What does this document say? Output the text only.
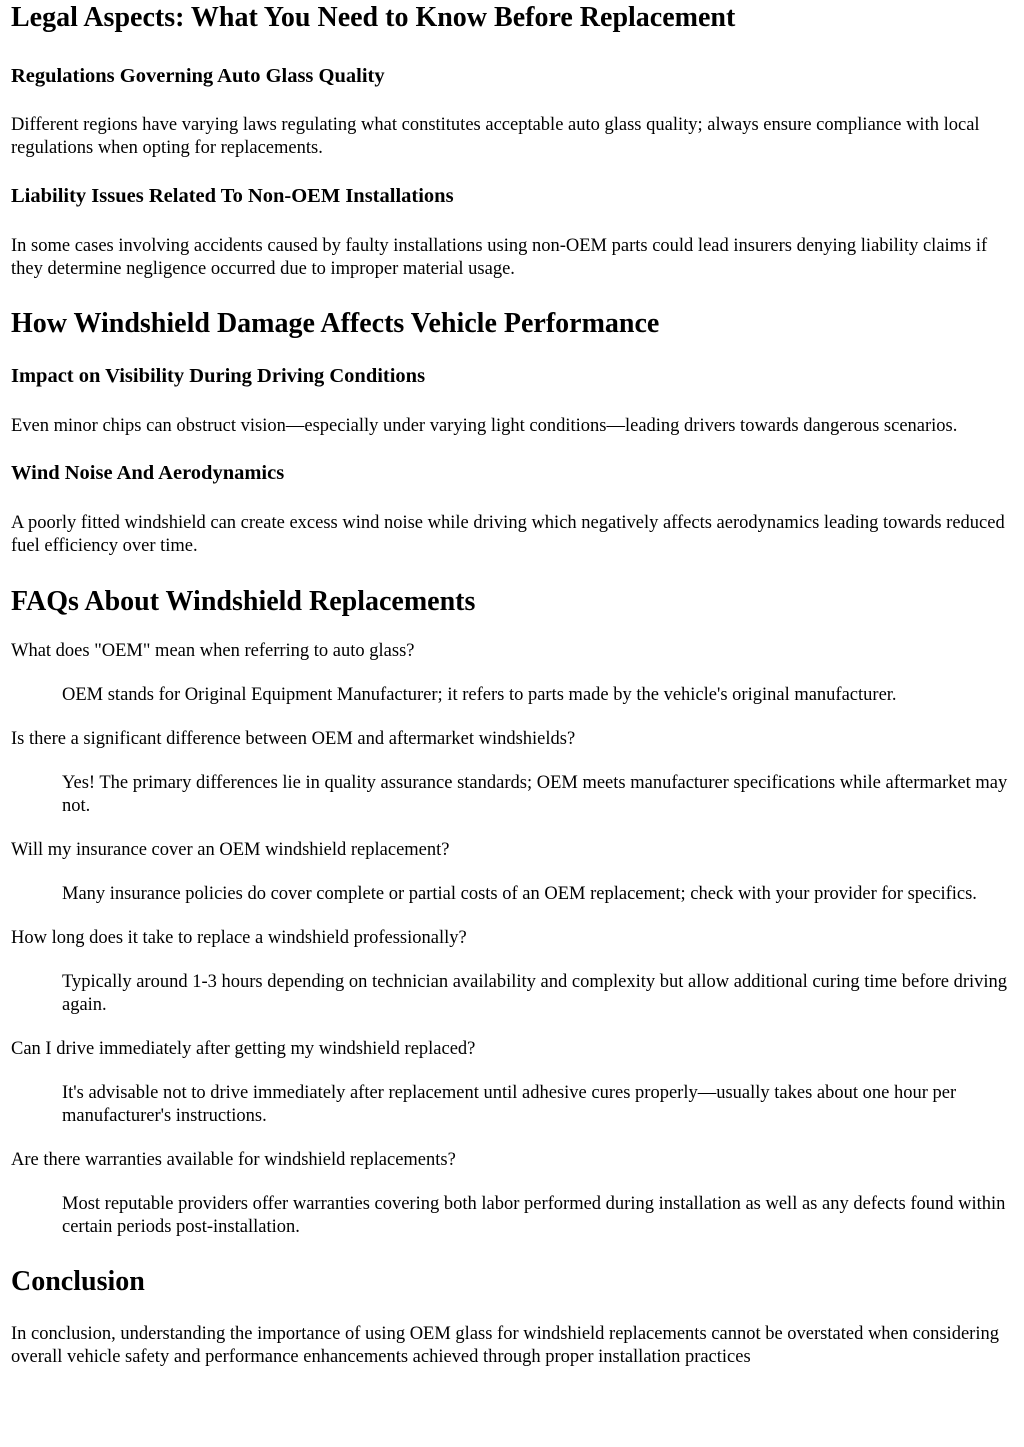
Legal Aspects: What You Need to Know Before Replacement
Regulations Governing Auto Glass Quality

Different regions have varying laws regulating what constitutes acceptable auto glass quality; always ensure compliance with local regulations when opting for replacements.

Liability Issues Related To Non-OEM Installations

In some cases involving accidents caused by faulty installations using non-OEM parts could lead insurers denying liability claims if they determine negligence occurred due to improper material usage.

How Windshield Damage Affects Vehicle Performance
Impact on Visibility During Driving Conditions

Even minor chips can obstruct vision—especially under varying light conditions—leading drivers towards dangerous scenarios.

Wind Noise And Aerodynamics

A poorly fitted windshield can create excess wind noise while driving which negatively affects aerodynamics leading towards reduced fuel efficiency over time.

FAQs About Windshield Replacements
What does "OEM" mean when referring to auto glass?
OEM stands for Original Equipment Manufacturer; it refers to parts made by the vehicle's original manufacturer.
Is there a significant difference between OEM and aftermarket windshields?
Yes! The primary differences lie in quality assurance standards; OEM meets manufacturer specifications while aftermarket may not.
Will my insurance cover an OEM windshield replacement?
Many insurance policies do cover complete or partial costs of an OEM replacement; check with your provider for specifics.
How long does it take to replace a windshield professionally?
Typically around 1-3 hours depending on technician availability and complexity but allow additional curing time before driving again.
Can I drive immediately after getting my windshield replaced?
It's advisable not to drive immediately after replacement until adhesive cures properly—usually takes about one hour per manufacturer's instructions.
Are there warranties available for windshield replacements?
Most reputable providers offer warranties covering both labor performed during installation as well as any defects found within certain periods post-installation.
Conclusion

In conclusion, understanding the importance of using OEM glass for windshield replacements cannot be overstated when considering overall vehicle safety and performance enhancements achieved through proper installation practices
